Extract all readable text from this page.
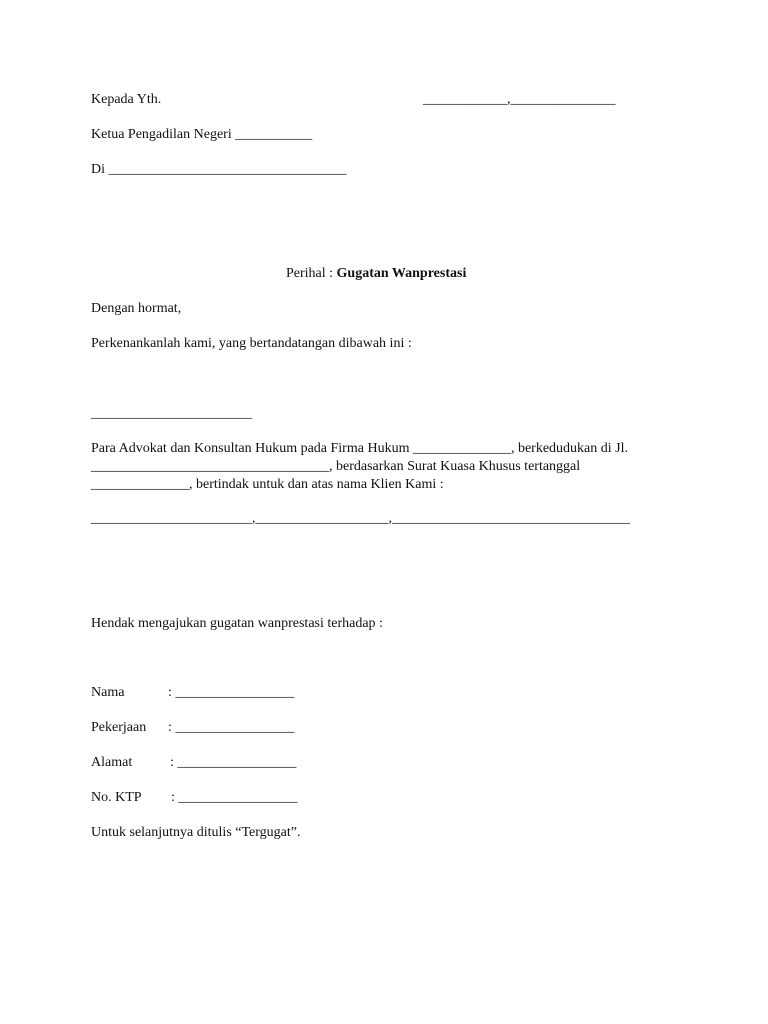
Kepada Yth.	____________,_______________
Ketua Pengadilan Negeri ___________
Di __________________________________
Perihal : Gugatan Wanprestasi
Dengan hormat,
Perkenankanlah kami, yang bertandatangan dibawah ini :
_______________________
Para Advokat dan Konsultan Hukum pada Firma Hukum ______________, berkedudukan di Jl.
__________________________________, berdasarkan Surat Kuasa Khusus tertanggal
______________, bertindak untuk dan atas nama Klien Kami :
_______________________,___________________,__________________________________
Hendak mengajukan gugatan wanprestasi terhadap :
Nama	: _________________
Pekerjaan : _________________
Alamat	: _________________
No. KTP : _________________
Untuk selanjutnya ditulis “Tergugat”.
